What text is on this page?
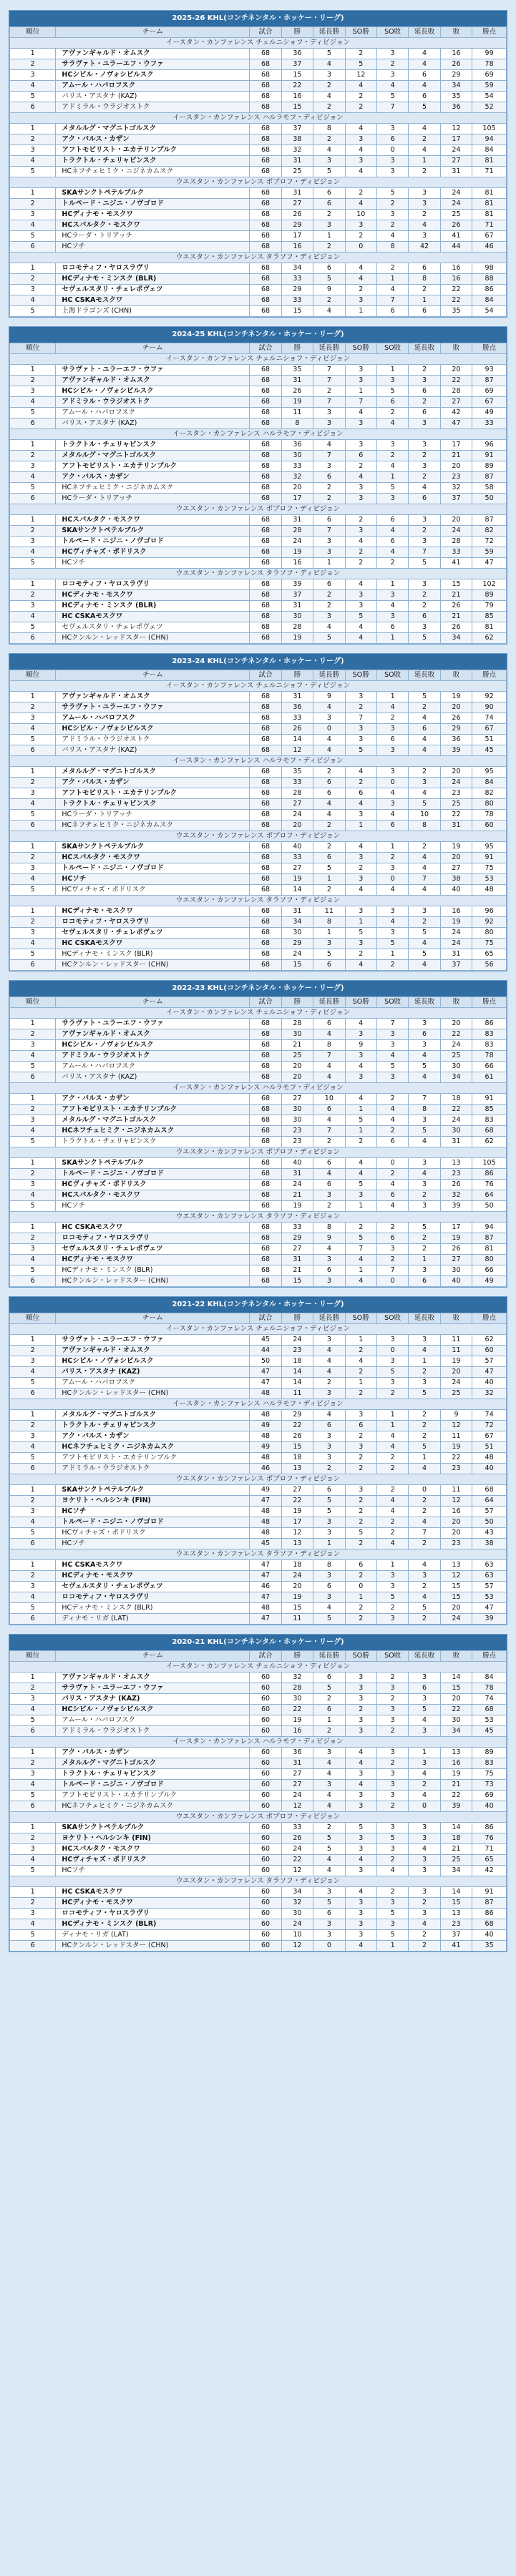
2025-26 KHL(コンチネンタル・ホッケー・リーグ)
順位	チーム	試合	勝	延長勝	SO勝	SO敗	延長敗	敗	勝点
イースタン・カンファレンス チェルニショフ・ディビジョン									
1	アヴァンギャルド・オムスク	68	36	5	2	3	4	16	99
2	サラヴァト・ユラーエフ・ウファ	68	37	4	5	2	4	26	78
3	HCシビル・ノヴォシビルスク	68	15	3	12	3	6	29	69
4	アムール・ハバロフスク	68	22	2	4	4	4	34	59
5	バリス・アスタナ (KAZ)	68	16	4	2	5	6	35	54
6	アドミラル・ウラジオストク	68	15	2	2	7	5	36	52
イースタン・カンファレンス ハルラモフ・ディビジョン									
1	メタルルグ・マグニトゴルスク	68	37	8	4	3	4	12	105
2	アク・バルス・カザン	68	38	2	3	6	2	17	94
3	アフトモビリスト・エカテリンブルク	68	32	4	4	0	4	24	84
4	トラクトル・チェリャビンスク	68	31	3	3	3	1	27	81
5	HCネフチェヒミク・ニジネカムスク	68	25	5	4	3	2	31	71
ウエスタン・カンファレンス ボブロフ・ディビジョン									
1	SKAサンクトペテルブルク	68	31	6	2	5	3	24	81
2	トルペード・ニジニ・ノヴゴロド	68	27	6	4	2	3	24	81
3	HCディナモ・モスクワ	68	26	2	10	3	2	25	81
4	HCスパルタク・モスクワ	68	29	3	3	2	4	26	71
5	HCラーダ・トリアッチ	68	17	1	2	4	3	41	67
6	HCソチ	68	16	2	0	8	42	44	46
ウエスタン・カンファレンス タラソフ・ディビジョン									
1	ロコモティフ・ヤロスラヴリ	68	34	6	4	2	6	16	98
2	HCディナモ・ミンスク (BLR)	68	33	5	4	1	8	16	88
3	セヴェルスタリ・チェレポヴェツ	68	29	9	2	4	2	22	86
4	HC CSKAモスクワ	68	33	2	3	7	1	22	84
5	上海ドラゴンズ (CHN)	68	15	4	1	6	6	35	54
2024-25 KHL(コンチネンタル・ホッケー・リーグ)
順位	チーム	試合	勝	延長勝	SO勝	SO敗	延長敗	敗	勝点
イースタン・カンファレンス チェルニショフ・ディビジョン									
1	サラヴァト・ユラーエフ・ウファ	68	35	7	3	1	2	20	93
2	アヴァンギャルド・オムスク	68	31	7	3	3	3	22	87
3	HCシビル・ノヴォシビルスク	68	26	2	1	5	6	28	69
4	アドミラル・ウラジオストク	68	19	7	7	6	2	27	67
5	アムール・ハバロフスク	68	11	3	4	2	6	42	49
6	バリス・アスタナ (KAZ)	68	8	3	3	4	3	47	33
イースタン・カンファレンス ハルラモフ・ディビジョン									
1	トラクトル・チェリャビンスク	68	36	4	3	3	3	17	96
2	メタルルグ・マグニトゴルスク	68	30	7	6	2	2	21	91
3	アフトモビリスト・エカテリンブルク	68	33	3	2	4	3	20	89
4	アク・バルス・カザン	68	32	6	4	1	2	23	87
5	HCネフチェヒミク・ニジネカムスク	68	20	2	3	5	4	32	58
6	HCラーダ・トリアッチ	68	17	2	3	3	6	37	50
ウエスタン・カンファレンス ボブロフ・ディビジョン									
1	HCスパルタク・モスクワ	68	31	6	2	6	3	20	87
2	SKAサンクトペテルブルク	68	28	7	3	4	2	24	82
3	トルペード・ニジニ・ノヴゴロド	68	24	3	4	6	3	28	72
4	HCヴィチャズ・ポドリスク	68	19	3	2	4	7	33	59
5	HCソチ	68	16	1	2	2	5	41	47
ウエスタン・カンファレンス タラソフ・ディビジョン									
1	ロコモティフ・ヤロスラヴリ	68	39	6	4	1	3	15	102
2	HCディナモ・モスクワ	68	37	2	3	3	2	21	89
3	HCディナモ・ミンスク (BLR)	68	31	2	3	4	2	26	79
4	HC CSKAモスクワ	68	30	3	5	3	6	21	85
5	セヴェルスタリ・チェレポヴェツ	68	28	4	4	6	3	26	81
6	HCクンルン・レッドスター (CHN)	68	19	5	4	1	5	34	62
2023-24 KHL(コンチネンタル・ホッケー・リーグ)
順位	チーム	試合	勝	延長勝	SO勝	SO敗	延長敗	敗	勝点
イースタン・カンファレンス チェルニショフ・ディビジョン									
1	アヴァンギャルド・オムスク	68	31	9	3	1	5	19	92
2	サラヴァト・ユラーエフ・ウファ	68	36	4	2	4	2	20	90
3	アムール・ハバロフスク	68	33	3	7	2	4	26	74
4	HCシビル・ノヴォシビルスク	68	26	0	3	3	6	29	67
5	アドミラル・ウラジオストク	68	14	4	3	6	4	36	51
6	バリス・アスタナ (KAZ)	68	12	4	5	3	4	39	45
イースタン・カンファレンス ハルラモフ・ディビジョン									
1	メタルルグ・マグニトゴルスク	68	35	2	4	3	2	20	95
2	アク・バルス・カザン	68	33	6	2	0	3	24	84
3	アフトモビリスト・エカテリンブルク	68	28	6	6	4	4	23	82
4	トラクトル・チェリャビンスク	68	27	4	4	3	5	25	80
5	HCラーダ・トリアッチ	68	24	4	3	4	10	22	78
6	HCネフチェヒミク・ニジネカムスク	68	20	2	1	6	8	31	60
ウエスタン・カンファレンス ボブロフ・ディビジョン									
1	SKAサンクトペテルブルク	68	40	2	4	1	2	19	95
2	HCスパルタク・モスクワ	68	33	6	3	2	4	20	91
3	トルペード・ニジニ・ノヴゴロド	68	27	5	2	3	4	27	75
4	HCソチ	68	19	1	3	0	7	38	53
5	HCヴィチャズ・ポドリスク	68	14	2	4	4	4	40	48
ウエスタン・カンファレンス タラソフ・ディビジョン									
1	HCディナモ・モスクワ	68	31	11	3	3	3	16	96
2	ロコモティフ・ヤロスラヴリ	68	34	8	1	4	2	19	92
3	セヴェルスタリ・チェレポヴェツ	68	30	1	5	3	5	24	80
4	HC CSKAモスクワ	68	29	3	3	5	4	24	75
5	HCディナモ・ミンスク (BLR)	68	24	5	2	1	5	31	65
6	HCクンルン・レッドスター (CHN)	68	15	6	4	2	4	37	56
2022-23 KHL(コンチネンタル・ホッケー・リーグ)
順位	チーム	試合	勝	延長勝	SO勝	SO敗	延長敗	敗	勝点
イースタン・カンファレンス チェルニショフ・ディビジョン									
1	サラヴァト・ユラーエフ・ウファ	68	28	6	4	7	3	20	86
2	アヴァンギャルド・オムスク	68	30	4	3	3	6	22	83
3	HCシビル・ノヴォシビルスク	68	21	8	9	3	3	24	83
4	アドミラル・ウラジオストク	68	25	7	3	4	4	25	78
5	アムール・ハバロフスク	68	20	4	4	5	5	30	66
6	バリス・アスタナ (KAZ)	68	20	4	3	3	4	34	61
イースタン・カンファレンス ハルラモフ・ディビジョン									
1	アク・バルス・カザン	68	27	10	4	2	7	18	91
2	アフトモビリスト・エカテリンブルク	68	30	6	1	4	8	22	85
3	メタルルグ・マグニトゴルスク	68	30	4	5	4	3	24	83
4	HCネフチェヒミク・ニジネカムスク	68	23	7	1	2	5	30	68
5	トラクトル・チェリャビンスク	68	23	2	2	6	4	31	62
ウエスタン・カンファレンス ボブロフ・ディビジョン									
1	SKAサンクトペテルブルク	68	40	6	4	0	3	13	105
2	トルペード・ニジニ・ノヴゴロド	68	31	4	4	2	4	23	86
3	HCヴィチャズ・ポドリスク	68	24	6	5	4	3	26	76
4	HCスパルタク・モスクワ	68	21	3	3	6	2	32	64
5	HCソチ	68	19	2	1	4	3	39	50
ウエスタン・カンファレンス タラソフ・ディビジョン									
1	HC CSKAモスクワ	68	33	8	2	2	5	17	94
2	ロコモティフ・ヤロスラヴリ	68	29	9	5	6	2	19	87
3	セヴェルスタリ・チェレポヴェツ	68	27	4	7	3	2	26	81
4	HCディナモ・モスクワ	68	31	3	4	2	1	27	80
5	HCディナモ・ミンスク (BLR)	68	21	6	1	7	3	30	66
6	HCクンルン・レッドスター (CHN)	68	15	3	4	0	6	40	49
2021-22 KHL(コンチネンタル・ホッケー・リーグ)
順位	チーム	試合	勝	延長勝	SO勝	SO敗	延長敗	敗	勝点
イースタン・カンファレンス チェルニショフ・ディビジョン									
1	サラヴァト・ユラーエフ・ウファ	45	24	3	1	3	3	11	62
2	アヴァンギャルド・オムスク	44	23	4	2	0	4	11	60
3	HCシビル・ノヴォシビルスク	50	18	4	4	3	1	19	57
4	バリス・アスタナ (KAZ)	47	14	4	2	5	2	20	47
5	アムール・ハバロフスク	47	14	2	1	3	3	24	40
6	HCクンルン・レッドスター (CHN)	48	11	3	2	2	5	25	32
イースタン・カンファレンス ハルラモフ・ディビジョン									
1	メタルルグ・マグニトゴルスク	48	29	4	3	1	2	9	74
2	トラクトル・チェリャビンスク	49	22	6	6	1	2	12	72
3	アク・バルス・カザン	48	26	3	2	4	2	11	67
4	HCネフチェヒミク・ニジネカムスク	49	15	3	3	4	5	19	51
5	アフトモビリスト・エカテリンブルク	48	18	3	2	2	1	22	48
6	アドミラル・ウラジオストク	46	13	2	2	2	4	23	40
ウエスタン・カンファレンス ボブロフ・ディビジョン									
1	SKAサンクトペテルブルク	49	27	6	3	2	0	11	68
2	ヨケリト・ヘルシンキ (FIN)	47	22	5	2	4	2	12	64
3	HCソチ	48	19	5	2	4	2	16	57
4	トルペード・ニジニ・ノヴゴロド	48	17	3	2	2	4	20	50
5	HCヴィチャズ・ポドリスク	48	12	3	5	2	7	20	43
6	HCソチ	45	13	1	2	4	2	23	38
ウエスタン・カンファレンス タラソフ・ディビジョン									
1	HC CSKAモスクワ	47	18	8	6	1	4	13	63
2	HCディナモ・モスクワ	47	24	3	2	3	3	12	63
3	セヴェルスタリ・チェレポヴェツ	46	20	6	0	3	2	15	57
4	ロコモティフ・ヤロスラヴリ	47	19	3	1	5	4	15	53
5	HCディナモ・ミンスク (BLR)	48	15	4	2	2	5	20	47
6	ディナモ・リガ (LAT)	47	11	5	2	3	2	24	39
2020-21 KHL(コンチネンタル・ホッケー・リーグ)
順位	チーム	試合	勝	延長勝	SO勝	SO敗	延長敗	敗	勝点
イースタン・カンファレンス チェルニショフ・ディビジョン									
1	アヴァンギャルド・オムスク	60	32	6	3	2	3	14	84
2	サラヴァト・ユラーエフ・ウファ	60	28	5	3	3	6	15	78
3	バリス・アスタナ (KAZ)	60	30	2	3	2	3	20	74
4	HCシビル・ノヴォシビルスク	60	22	6	2	3	5	22	68
5	アムール・ハバロフスク	60	19	1	3	3	4	30	53
6	アドミラル・ウラジオストク	60	16	2	3	2	3	34	45
イースタン・カンファレンス ハルラモフ・ディビジョン									
1	アク・バルス・カザン	60	36	3	4	3	1	13	89
2	メタルルグ・マグニトゴルスク	60	31	4	4	2	3	16	83
3	トラクトル・チェリャビンスク	60	27	4	3	3	4	19	75
4	トルペード・ニジニ・ノヴゴロド	60	27	3	4	3	2	21	73
5	アフトモビリスト・エカテリンブルク	60	24	4	3	3	4	22	69
6	HCネフチェヒミク・ニジネカムスク	60	12	4	3	2	0	39	40
ウエスタン・カンファレンス ボブロフ・ディビジョン									
1	SKAサンクトペテルブルク	60	33	2	5	3	3	14	86
2	ヨケリト・ヘルシンキ (FIN)	60	26	5	3	5	3	18	76
3	HCスパルタク・モスクワ	60	24	5	3	3	4	21	71
4	HCヴィチャズ・ポドリスク	60	22	4	4	2	3	25	65
5	HCソチ	60	12	4	3	4	3	34	42
ウエスタン・カンファレンス タラソフ・ディビジョン									
1	HC CSKAモスクワ	60	34	3	4	2	3	14	91
2	HCディナモ・モスクワ	60	32	5	3	3	2	15	87
3	ロコモティフ・ヤロスラヴリ	60	30	6	3	5	3	13	86
4	HCディナモ・ミンスク (BLR)	60	24	3	3	3	4	23	68
5	ディナモ・リガ (LAT)	60	10	3	3	5	2	37	40
6	HCクンルン・レッドスター (CHN)	60	12	0	4	1	2	41	35
